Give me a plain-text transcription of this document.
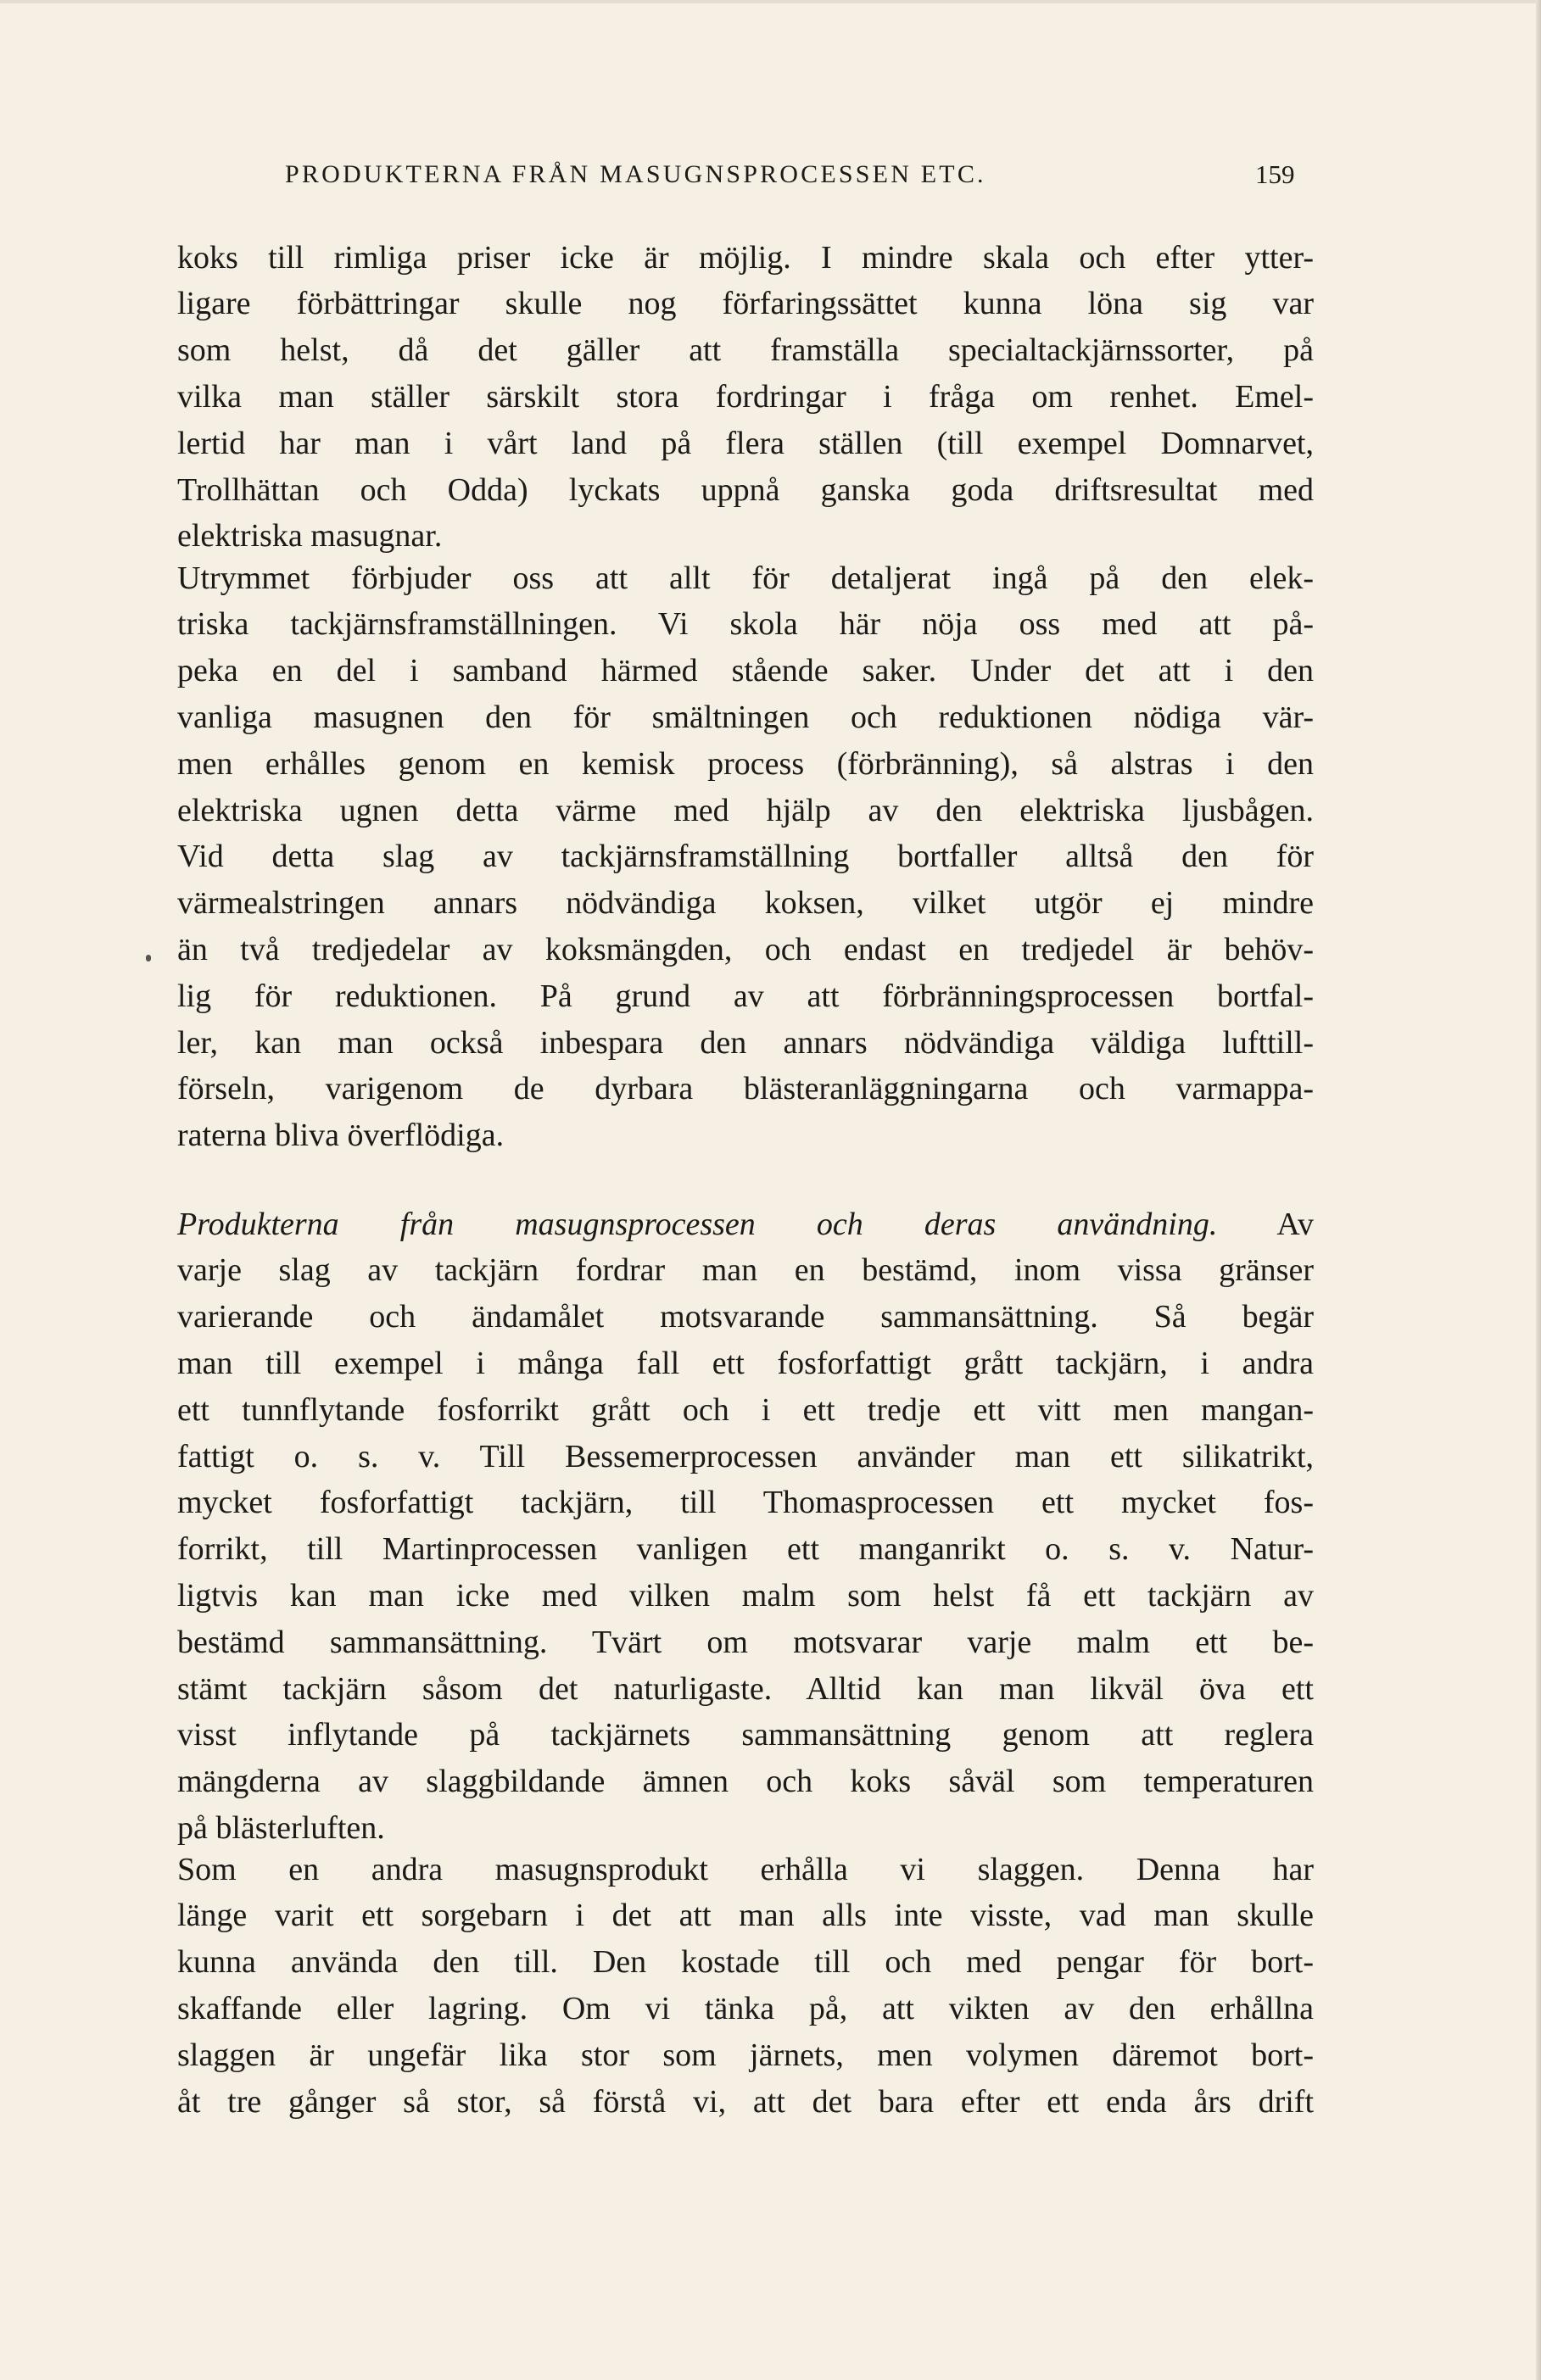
PRODUKTERNA FRÅN MASUGNSPROCESSEN ETC.	159
koks till rimliga priser icke är möjlig. I mindre skala och efter ytter-
ligare förbättringar skulle nog förfaringssättet kunna löna sig var
som helst, då det gäller att framställa specialtackjärnssorter, på
vilka man ställer särskilt stora fordringar i fråga om renhet. Emel-
lertid har man i vårt land på flera ställen (till exempel Domnarvet,
Trollhättan och Odda) lyckats uppnå ganska goda driftsresultat med
elektriska masugnar.
Utrymmet förbjuder oss att allt för detaljerat ingå på den elek-
triska tackjärnsframställningen. Vi skola här nöja oss med att på-
peka en del i samband härmed stående saker. Under det att i den
vanliga masugnen den för smältningen och reduktionen nödiga vär-
men erhålles genom en kemisk process (förbränning), så alstras i den
elektriska ugnen detta värme med hjälp av den elektriska ljusbågen.
Vid detta slag av tackjärnsframställning bortfaller alltså den för
värmealstringen annars nödvändiga koksen, vilket utgör ej mindre
än två tredjedelar av koksmängden, och endast en tredjedel är behöv-
lig för reduktionen. På grund av att förbränningsprocessen bortfal-
ler, kan man också inbespara den annars nödvändiga väldiga lufttill-
förseln, varigenom de dyrbara blästeranläggningarna och varmappa-
raterna bliva överflödiga.
Produkterna från masugnsprocessen och deras användning. Av
varje slag av tackjärn fordrar man en bestämd, inom vissa gränser
varierande och ändamålet motsvarande sammansättning. Så begär
man till exempel i många fall ett fosforfattigt grått tackjärn, i andra
ett tunnflytande fosforrikt grått och i ett tredje ett vitt men mangan-
fattigt o. s. v. Till Bessemerprocessen använder man ett silikatrikt,
mycket fosforfattigt tackjärn, till Thomasprocessen ett mycket fos-
forrikt, till Martinprocessen vanligen ett manganrikt o. s. v. Natur-
ligtvis kan man icke med vilken malm som helst få ett tackjärn av
bestämd sammansättning. Tvärt om motsvarar varje malm ett be-
stämt tackjärn såsom det naturligaste. Alltid kan man likväl öva ett
visst inflytande på tackjärnets sammansättning genom att reglera
mängderna av slaggbildande ämnen och koks såväl som temperaturen
på blästerluften.
Som en andra masugnsprodukt erhålla vi slaggen. Denna har
länge varit ett sorgebarn i det att man alls inte visste, vad man skulle
kunna använda den till. Den kostade till och med pengar för bort-
skaffande eller lagring. Om vi tänka på, att vikten av den erhållna
slaggen är ungefär lika stor som järnets, men volymen däremot bort-
åt tre gånger så stor, så förstå vi, att det bara efter ett enda års drift
